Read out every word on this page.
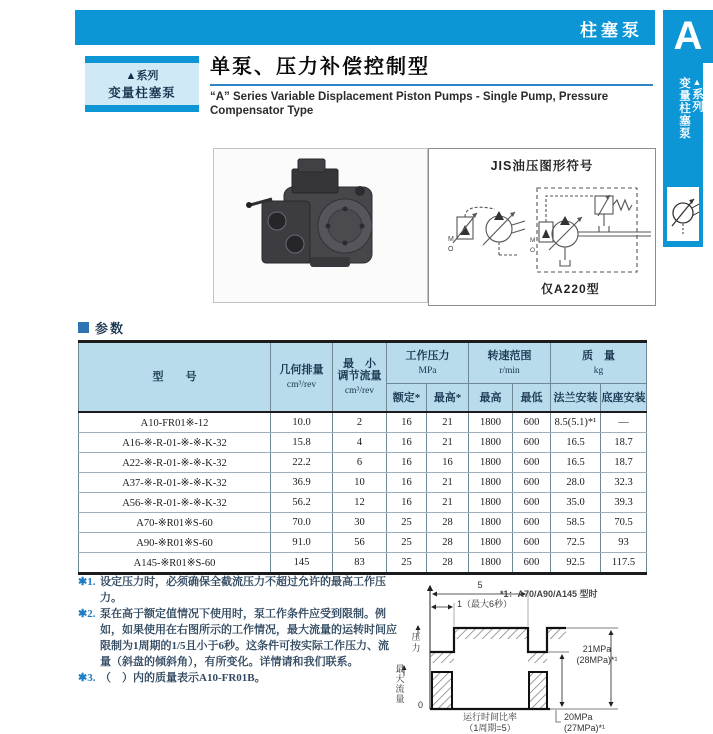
柱塞泵 A
▲系列
变量柱塞泵
▲系列
变量柱塞泵
单泵、压力补偿控制型
“A” Series Variable Displacement Piston Pumps - Single Pump, Pressure Compensator Type
JIS油压图形符号
M
O
M
O
仅A220型
参数
型　　号	
几何排量
cm³/rev

最　小
调节流量
cm³/rev

工作压力
MPa

转速范围
r/min

质　量
kg

			额定*	最高*	最高	最低	法兰安装	底座安装
A10-FR01※-12	10.0	2	16	21	1800	600	8.5(5.1)*¹	—
A16-※-R-01-※-※-K-32	15.8	4	16	21	1800	600	16.5	18.7
A22-※-R-01-※-※-K-32	22.2	6	16	16	1800	600	16.5	18.7
A37-※-R-01-※-※-K-32	36.9	10	16	21	1800	600	28.0	32.3
A56-※-R-01-※-※-K-32	56.2	12	16	21	1800	600	35.0	39.3
A70-※R01※S-60	70.0	30	25	28	1800	600	58.5	70.5
A90-※R01※S-60	91.0	56	25	28	1800	600	72.5	93
A145-※R01※S-60	145	83	25	28	1800	600	92.5	117.5
✱1. 设定压力时，必须确保全截流压力不超过允许的最高工作压力。
✱2. 泵在高于额定值情况下使用时，泵工作条件应受到限制。例如，如果使用在右图所示的工作情况，最大流量的运转时间应限制为1周期的1/5且小于6秒。这条件可按实际工作压力、流量（斜盘的倾斜角），有所变化。详情请和我们联系。
✱3. （　）内的质量表示A10-FR01B。
5
1（最大6秒）
*1：A70/A90/A145 型时
压力
最大流量
0
21MPa
(28MPa)*¹
20MPa
(27MPa)*¹
运行时间比率
（1周期=5）
